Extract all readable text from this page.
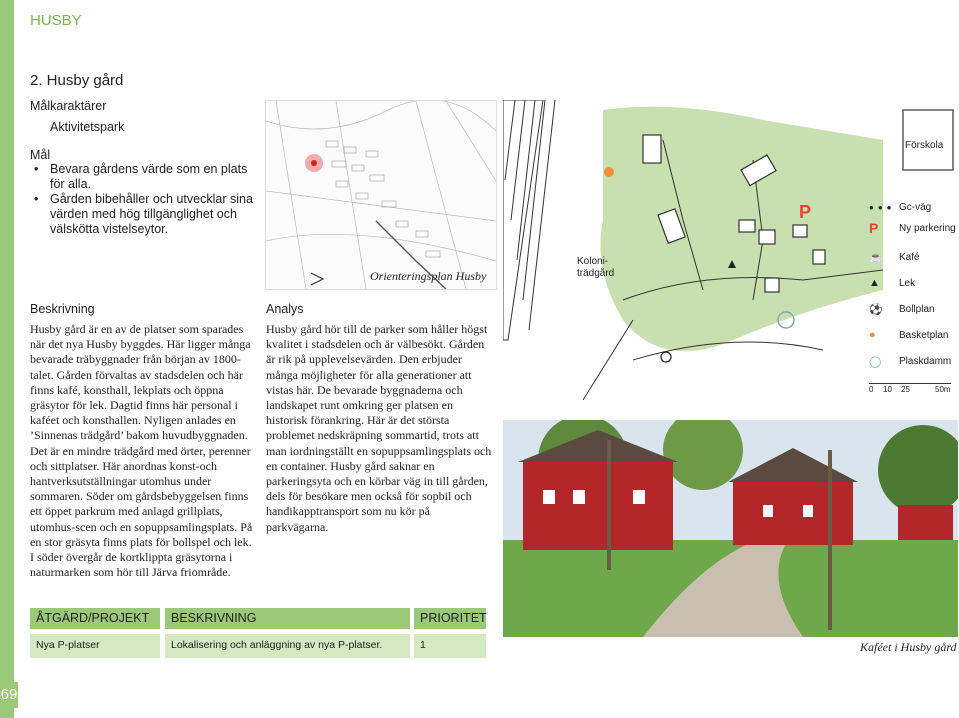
69
HUSBY
2. Husby gård
Målkaraktärer
Aktivitetspark
Mål
• Bevara gårdens värde som en plats för alla.
• Gården bibehåller och utvecklar sina värden med hög tillgänglighet och välskötta vistelseytor.
Beskrivning
Husby gård är en av de platser som sparades när det nya Husby byggdes. Här ligger många bevarade träbyggnader från början av 1800-talet. Gården förvaltas av stadsdelen och här finns kafé, konsthall, lekplats och öppna gräsytor för lek. Dagtid finns här personal i kaféet och konsthallen. Nyligen anlades en ’Sinnenas trädgård’ bakom huvudbyggnaden. Det är en mindre trädgård med örter, perenner och sittplatser. Här anordnas konst-och hantverksutställningar utomhus under sommaren. Söder om gårdsbebyggelsen finns ett öppet parkrum med anlagd grillplats, utomhus-scen och en sopuppsamlingsplats. På en stor gräsyta finns plats för bollspel och lek. I söder övergår de kortklippta gräsytorna i naturmarken som hör till Järva friområde.
Analys
Husby gård hör till de parker som håller högst kvalitet i stadsdelen och är välbesökt. Gården är rik på upplevelsevärden. Den erbjuder många möjligheter för alla generationer att vistas här. De bevarade byggnaderna och landskapet runt omkring ger platsen en historisk förankring. Här är det största problemet nedskräpning sommartid, trots att man iordningställt en sopuppsamlingsplats och en container. Husby gård saknar en parkeringsyta och en körbar väg in till gården, dels för besökare men också för sopbil och handikapptransport som nu kör på parkvägarna.
Orienteringsplan Husby
P
Koloni-
trädgård
Förskola
● ● ● Gc-väg
P	Ny parkering
☕	Kafé
▲	Lek
⚽	Bollplan
●	Basketplan
◯	Plaskdamm
0 10 25	50m
Kaféet i Husby gård
ÅTGÄRD/PROJEKT	BESKRIVNING	PRIORITET
Nya P-platser	Lokalisering och anläggning av nya P-platser.	1
